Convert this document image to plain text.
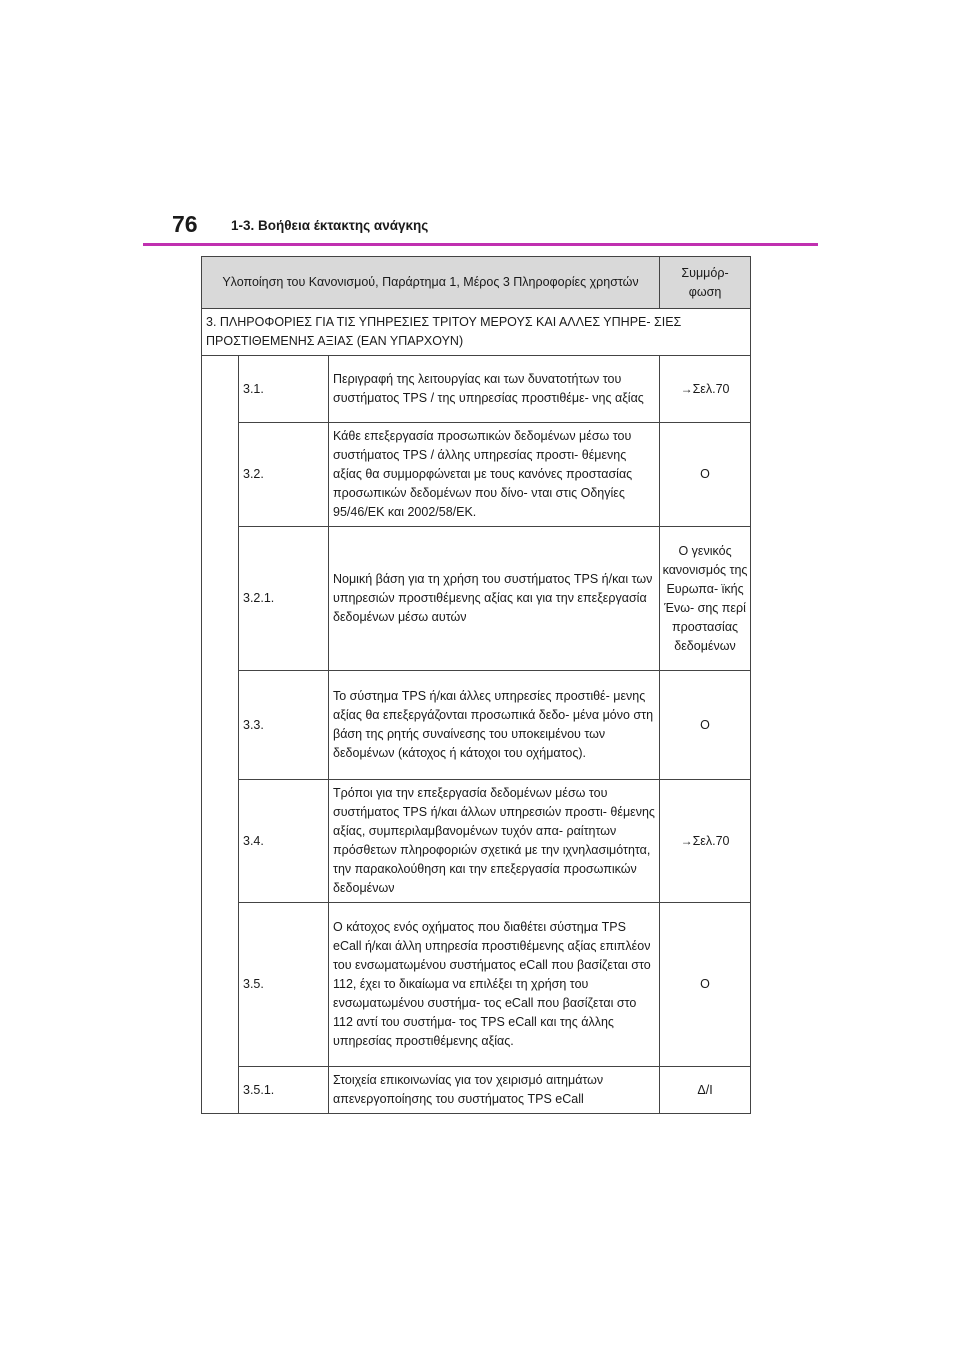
76 1-3. Βοήθεια έκτακτης ανάγκης
Υλοποίηση του Κανονισμού, Παράρτημα 1, Μέρος 3 Πληροφορίες χρηστών			Συμμόρ- φωση
3. ΠΛΗΡΟΦΟΡΙΕΣ ΓΙΑ ΤΙΣ ΥΠΗΡΕΣΙΕΣ ΤΡΙΤΟΥ ΜΕΡΟΥΣ ΚΑΙ ΑΛΛΕΣ ΥΠΗΡΕ- ΣΙΕΣ ΠΡΟΣΤΙΘΕΜΕΝΗΣ ΑΞΙΑΣ (ΕΑΝ ΥΠΑΡΧΟΥΝ)			
	3.1.	Περιγραφή της λειτουργίας και των δυνατοτήτων του συστήματος TPS / της υπηρεσίας προστιθέμε- νης αξίας	→Σελ.70
	3.2.	Κάθε επεξεργασία προσωπικών δεδομένων μέσω του συστήματος TPS / άλλης υπηρεσίας προστι- θέμενης αξίας θα συμμορφώνεται με τους κανόνες προστασίας προσωπικών δεδομένων που δίνο- νται στις Οδηγίες 95/46/ΕΚ και 2002/58/ΕΚ.	O
	3.2.1.	Νομική βάση για τη χρήση του συστήματος TPS ή/και των υπηρεσιών προστιθέμενης αξίας και για την επεξεργασία δεδομένων μέσω αυτών	Ο γενικός κανονισμός της Ευρωπα- ϊκής Ένω- σης περί προστασίας δεδομένων
	3.3.	Το σύστημα TPS ή/και άλλες υπηρεσίες προστιθέ- μενης αξίας θα επεξεργάζονται προσωπικά δεδο- μένα μόνο στη βάση της ρητής συναίνεσης του υποκειμένου των δεδομένων (κάτοχος ή κάτοχοι του οχήματος).	O
	3.4.	Τρόποι για την επεξεργασία δεδομένων μέσω του συστήματος TPS ή/και άλλων υπηρεσιών προστι- θέμενης αξίας, συμπεριλαμβανομένων τυχόν απα- ραίτητων πρόσθετων πληροφοριών σχετικά με την ιχνηλασιμότητα, την παρακολούθηση και την επεξεργασία προσωπικών δεδομένων	→Σελ.70
	3.5.	Ο κάτοχος ενός οχήματος που διαθέτει σύστημα TPS eCall ή/και άλλη υπηρεσία προστιθέμενης αξίας επιπλέον του ενσωματωμένου συστήματος eCall που βασίζεται στο 112, έχει το δικαίωμα να επιλέξει τη χρήση του ενσωματωμένου συστήμα- τος eCall που βασίζεται στο 112 αντί του συστήμα- τος TPS eCall και της άλλης υπηρεσίας προστιθέμενης αξίας.	O
	3.5.1.	Στοιχεία επικοινωνίας για τον χειρισμό αιτημάτων απενεργοποίησης του συστήματος TPS eCall	Δ/Ι
